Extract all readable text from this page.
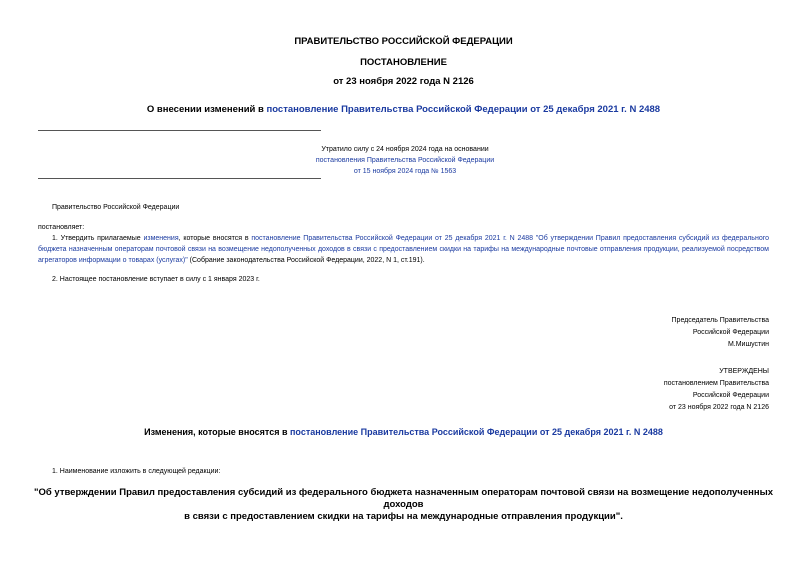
ПРАВИТЕЛЬСТВО РОССИЙСКОЙ ФЕДЕРАЦИИ
ПОСТАНОВЛЕНИЕ
от 23 ноября 2022 года N 2126
О внесении изменений в постановление Правительства Российской Федерации от 25 декабря 2021 г. N 2488
Утратило силу с 24 ноября 2024 года на основании
постановления Правительства Российской Федерации
от 15 ноября 2024 года № 1563
Правительство Российской Федерации
постановляет:
1. Утвердить прилагаемые изменения, которые вносятся в постановление Правительства Российской Федерации от 25 декабря 2021 г. N 2488 "Об утверждении Правил предоставления субсидий из федерального бюджета назначенным операторам почтовой связи на возмещение недополученных доходов в связи с предоставлением скидки на тарифы на международные почтовые отправления продукции, реализуемой посредством агрегаторов информации о товарах (услугах)" (Собрание законодательства Российской Федерации, 2022, N 1, ст.191).
2. Настоящее постановление вступает в силу с 1 января 2023 г.
Председатель Правительства
Российской Федерации
М.Мишустин
УТВЕРЖДЕНЫ
постановлением Правительства
Российской Федерации
от 23 ноября 2022 года N 2126
Изменения, которые вносятся в постановление Правительства Российской Федерации от 25 декабря 2021 г. N 2488
1. Наименование изложить в следующей редакции:
"Об утверждении Правил предоставления субсидий из федерального бюджета назначенным операторам почтовой связи на возмещение недополученных доходов
в связи с предоставлением скидки на тарифы на международные отправления продукции".
